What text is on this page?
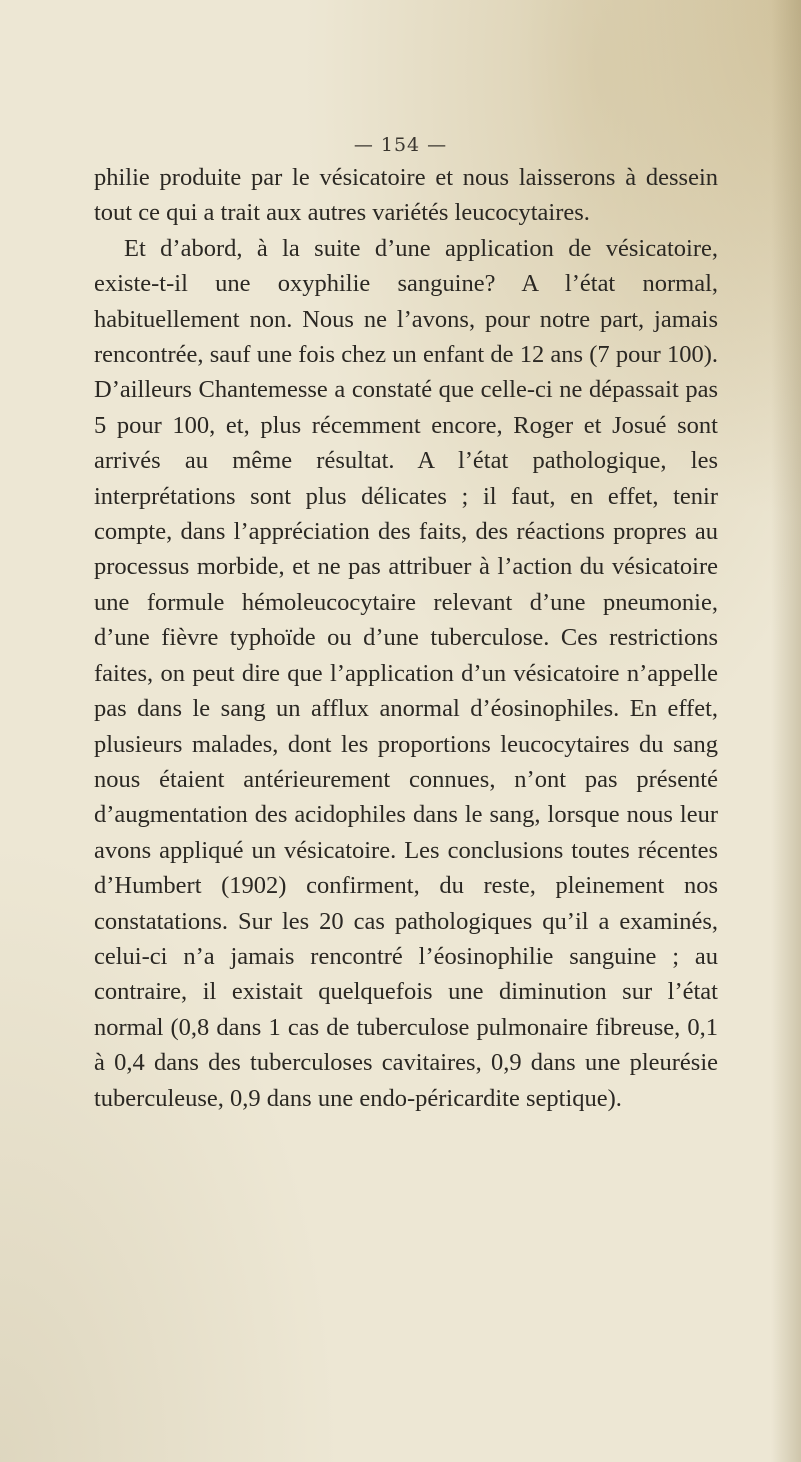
— 154 —

philie produite par le vésicatoire et nous laisserons à dessein tout ce qui a trait aux autres variétés leucocytaires.

Et d’abord, à la suite d’une application de vésicatoire, existe-t-il une oxyphilie sanguine? A l’état normal, habituellement non. Nous ne l’avons, pour notre part, jamais rencontrée, sauf une fois chez un enfant de 12 ans (7 pour 100). D’ailleurs Chantemesse a constaté que celle-ci ne dépassait pas 5 pour 100, et, plus récemment encore, Roger et Josué sont arrivés au même résultat. A l’état pathologique, les interprétations sont plus délicates ; il faut, en effet, tenir compte, dans l’appréciation des faits, des réactions propres au processus morbide, et ne pas attribuer à l’action du vésicatoire une formule hémoleucocytaire relevant d’une pneumonie, d’une fièvre typhoïde ou d’une tuberculose. Ces restrictions faites, on peut dire que l’application d’un vésicatoire n’appelle pas dans le sang un afflux anormal d’éosinophiles. En effet, plusieurs malades, dont les proportions leucocytaires du sang nous étaient antérieurement connues, n’ont pas présenté d’augmentation des acidophiles dans le sang, lorsque nous leur avons appliqué un vésicatoire. Les conclusions toutes récentes d’Humbert (1902) confirment, du reste, pleinement nos constatations. Sur les 20 cas pathologiques qu’il a examinés, celui-ci n’a jamais rencontré l’éosinophilie sanguine ; au contraire, il existait quelquefois une diminution sur l’état normal (0,8 dans 1 cas de tuberculose pulmonaire fibreuse, 0,1 à 0,4 dans des tuberculoses cavitaires, 0,9 dans une pleurésie tuberculeuse, 0,9 dans une endo-péricardite septique).
